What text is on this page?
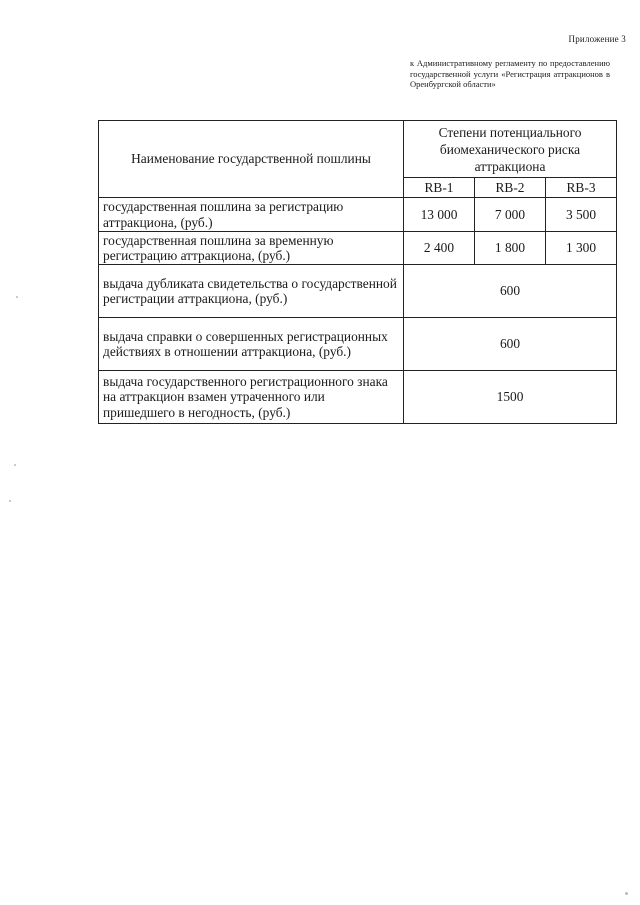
Приложение 3
к Административному регламенту по предоставлению государственной услуги «Регистрация аттракционов в Оренбургской области»
Наименование государственной пошлины	Степени потенциального биомеханического риска аттракциона		
	RB-1	RB-2	RB-3
государственная пошлина за регистрацию аттракциона, (руб.)	13 000	7 000	3 500
государственная пошлина за временную регистрацию аттракциона, (руб.)	2 400	1 800	1 300
выдача дубликата свидетельства о государственной регистрации аттракциона, (руб.)	600		
выдача справки о совершенных регистрационных действиях в отношении аттракциона, (руб.)	600		
выдача государственного регистрационного знака на аттракцион взамен утраченного или пришедшего в негодность, (руб.)	1500		
